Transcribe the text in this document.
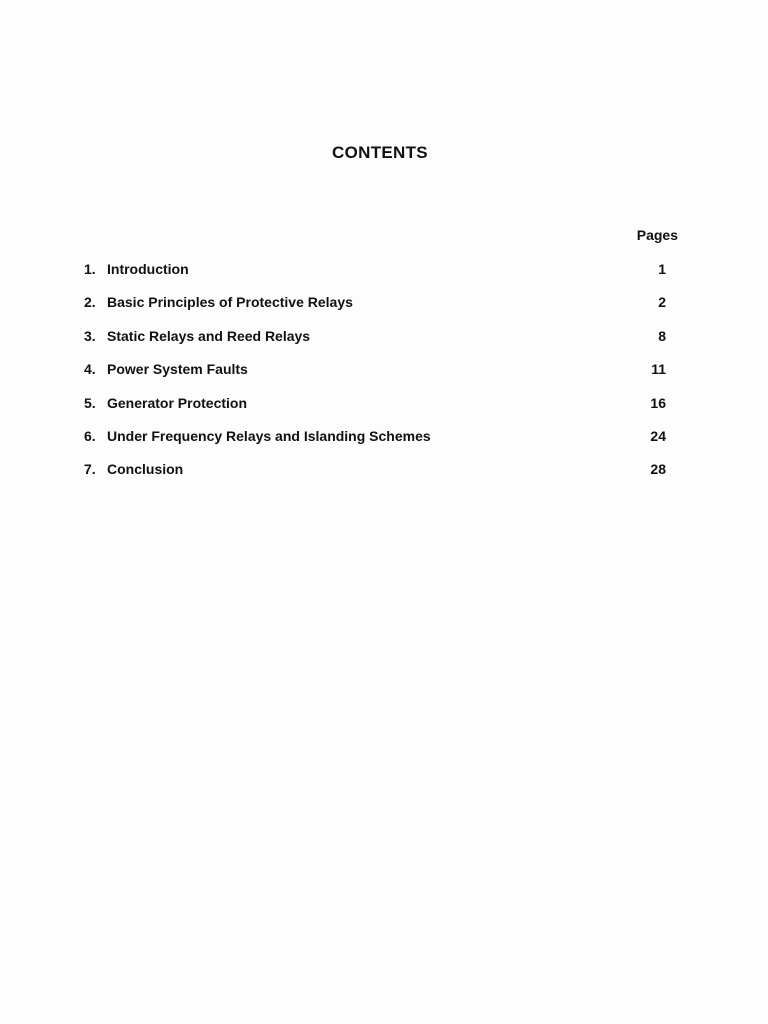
CONTENTS
Pages
1. Introduction	1
2. Basic Principles of Protective Relays	2
3. Static Relays and Reed Relays	8
4. Power System Faults	11
5. Generator Protection	16
6. Under Frequency Relays and Islanding Schemes	24
7. Conclusion	28
